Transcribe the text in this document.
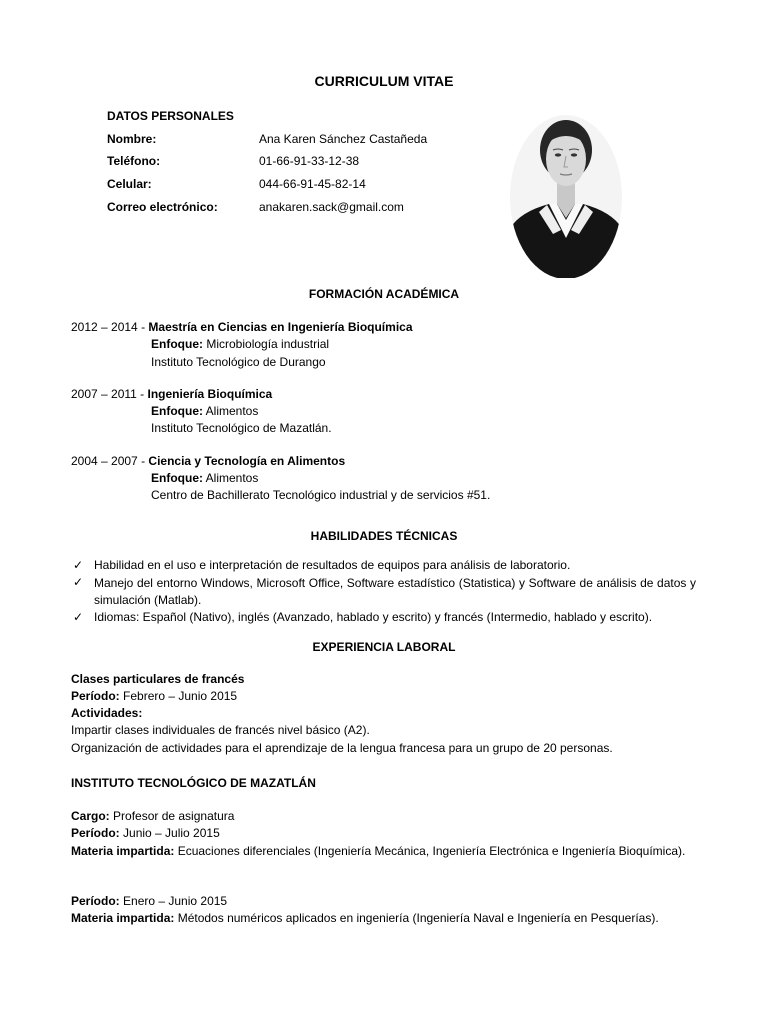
CURRICULUM VITAE
DATOS PERSONALES
Nombre:	Ana Karen Sánchez Castañeda
Teléfono:	01-66-91-33-12-38
Celular:	044-66-91-45-82-14
Correo electrónico:	anakaren.sack@gmail.com
FORMACIÓN ACADÉMICA
2012 – 2014 - Maestría en Ciencias en Ingeniería Bioquímica
Enfoque: Microbiología industrial
Instituto Tecnológico de Durango
2007 – 2011 - Ingeniería Bioquímica
Enfoque: Alimentos
Instituto Tecnológico de Mazatlán.
2004 – 2007 - Ciencia y Tecnología en Alimentos
Enfoque: Alimentos
Centro de Bachillerato Tecnológico industrial y de servicios #51.
HABILIDADES TÉCNICAS
✓ Habilidad en el uso e interpretación de resultados de equipos para análisis de laboratorio.
✓ Manejo del entorno Windows, Microsoft Office, Software estadístico (Statistica) y Software de análisis de datos y simulación (Matlab).
✓ Idiomas: Español (Nativo), inglés (Avanzado, hablado y escrito) y francés (Intermedio, hablado y escrito).
EXPERIENCIA LABORAL
Clases particulares de francés
Período: Febrero – Junio 2015
Actividades:
Impartir clases individuales de francés nivel básico (A2).
Organización de actividades para el aprendizaje de la lengua francesa para un grupo de 20 personas.
INSTITUTO TECNOLÓGICO DE MAZATLÁN
Cargo: Profesor de asignatura
Período: Junio – Julio 2015
Materia impartida: Ecuaciones diferenciales (Ingeniería Mecánica, Ingeniería Electrónica e Ingeniería Bioquímica).
Período: Enero – Junio 2015
Materia impartida: Métodos numéricos aplicados en ingeniería (Ingeniería Naval e Ingeniería en Pesquerías).
